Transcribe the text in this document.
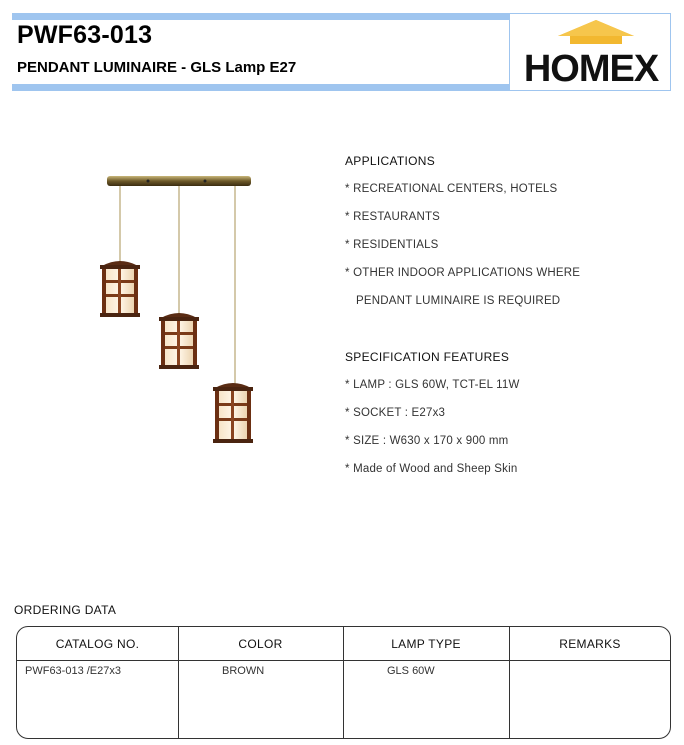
PWF63-013
PENDANT LUMINAIRE - GLS Lamp E27	HOMEX
APPLICATIONS
* RECREATIONAL CENTERS, HOTELS
* RESTAURANTS
* RESIDENTIALS
* OTHER INDOOR APPLICATIONS WHERE
PENDANT LUMINAIRE IS REQUIRED
SPECIFICATION FEATURES
* LAMP : GLS 60W, TCT-EL 11W
* SOCKET : E27x3
* SIZE : W630 x 170 x 900 mm
* Made of Wood and Sheep Skin
ORDERING DATA
CATALOG NO.	COLOR	LAMP TYPE	REMARKS
PWF63-013 /E27x3	BROWN	GLS 60W
